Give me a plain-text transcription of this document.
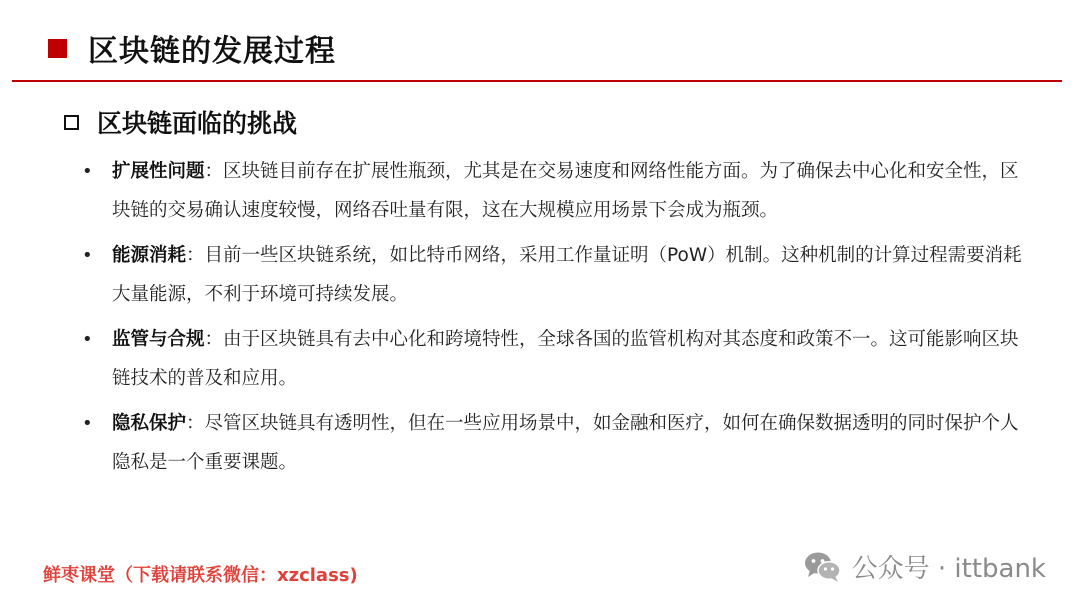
区块链的发展过程
区块链面临的挑战
•	扩展性问题：区块链目前存在扩展性瓶颈，尤其是在交易速度和网络性能方面。为了确保去中心化和安全性，区块链的交易确认速度较慢，网络吞吐量有限，这在大规模应用场景下会成为瓶颈。
•	能源消耗：目前一些区块链系统，如比特币网络，采用工作量证明（PoW）机制。这种机制的计算过程需要消耗大量能源，不利于环境可持续发展。
•	监管与合规：由于区块链具有去中心化和跨境特性，全球各国的监管机构对其态度和政策不一。这可能影响区块链技术的普及和应用。
•	隐私保护：尽管区块链具有透明性，但在一些应用场景中，如金融和医疗，如何在确保数据透明的同时保护个人隐私是一个重要课题。
鲜枣课堂（下载请联系微信：xzclass)	公众号 · ittbank
